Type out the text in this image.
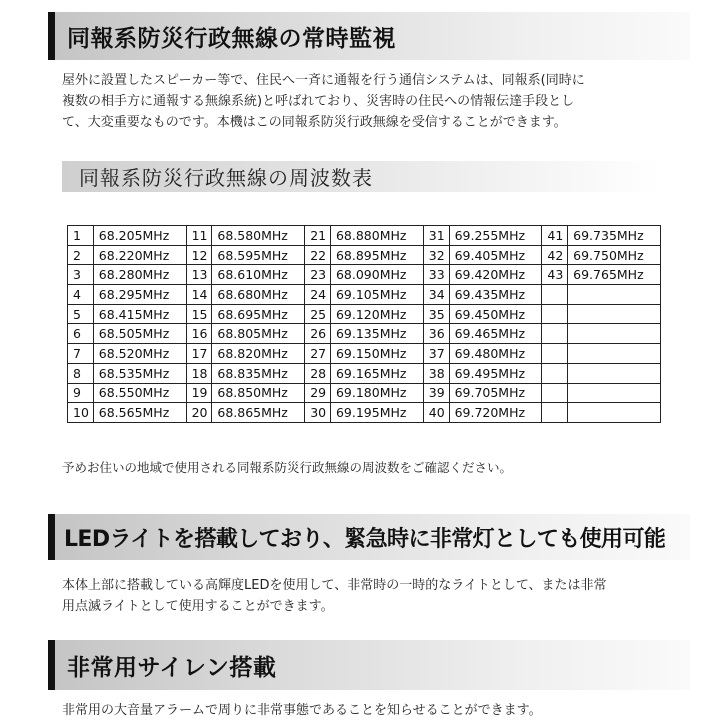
同報系防災行政無線の常時監視

屋外に設置したスピーカー等で、住民へ一斉に通報を行う通信システムは、同報系(同時に
複数の相手方に通報する無線系統)と呼ばれており、災害時の住民への情報伝達手段とし
て、大変重要なものです。本機はこの同報系防災行政無線を受信することができます。

同報系防災行政無線の周波数表
1	68.205MHz	11	68.580MHz	21	68.880MHz	31	69.255MHz	41	69.735MHz
2	68.220MHz	12	68.595MHz	22	68.895MHz	32	69.405MHz	42	69.750MHz
3	68.280MHz	13	68.610MHz	23	68.090MHz	33	69.420MHz	43	69.765MHz
4	68.295MHz	14	68.680MHz	24	69.105MHz	34	69.435MHz		
5	68.415MHz	15	68.695MHz	25	69.120MHz	35	69.450MHz		
6	68.505MHz	16	68.805MHz	26	69.135MHz	36	69.465MHz		
7	68.520MHz	17	68.820MHz	27	69.150MHz	37	69.480MHz		
8	68.535MHz	18	68.835MHz	28	69.165MHz	38	69.495MHz		
9	68.550MHz	19	68.850MHz	29	69.180MHz	39	69.705MHz		
10	68.565MHz	20	68.865MHz	30	69.195MHz	40	69.720MHz		
予めお住いの地域で使用される同報系防災行政無線の周波数をご確認ください。
LEDライトを搭載しており、緊急時に非常灯としても使用可能

本体上部に搭載している高輝度LEDを使用して、非常時の一時的なライトとして、または非常
用点滅ライトとして使用することができます。

非常用サイレン搭載

非常用の大音量アラームで周りに非常事態であることを知らせることができます。
